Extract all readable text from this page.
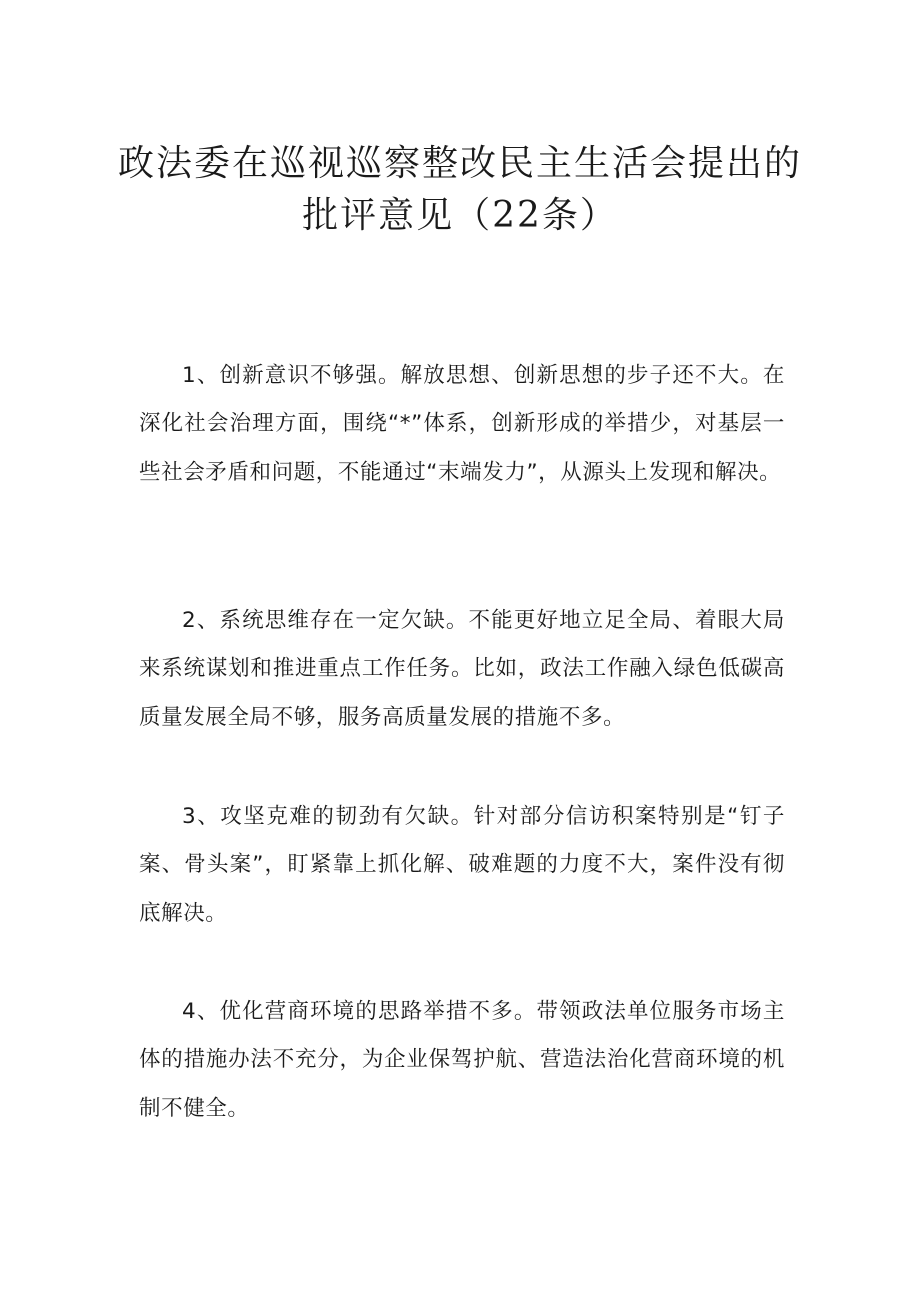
政法委在巡视巡察整改民主生活会提出的
批评意见（22条）

1、创新意识不够强。解放思想、创新思想的步子还不大。在深化社会治理方面，围绕“*”体系，创新形成的举措少，对基层一些社会矛盾和问题，不能通过“末端发力”，从源头上发现和解决。

2、系统思维存在一定欠缺。不能更好地立足全局、着眼大局来系统谋划和推进重点工作任务。比如，政法工作融入绿色低碳高质量发展全局不够，服务高质量发展的措施不多。

3、攻坚克难的韧劲有欠缺。针对部分信访积案特别是“钉子案、骨头案”，盯紧靠上抓化解、破难题的力度不大，案件没有彻底解决。

4、优化营商环境的思路举措不多。带领政法单位服务市场主体的措施办法不充分，为企业保驾护航、营造法治化营商环境的机制不健全。
